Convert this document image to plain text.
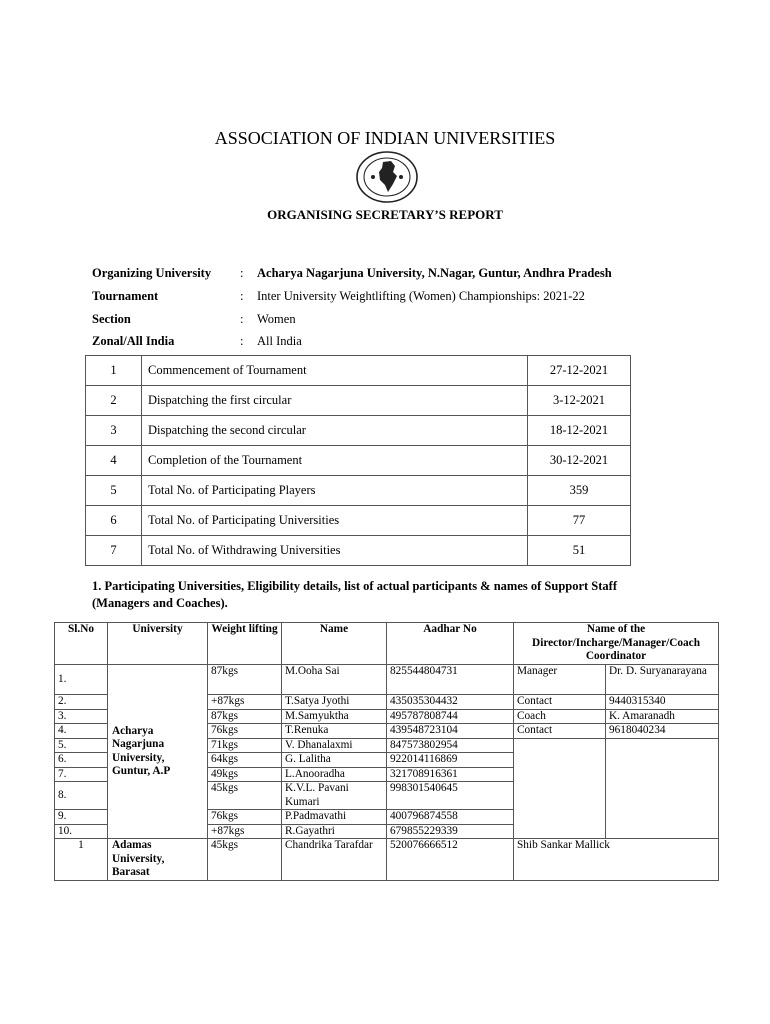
ASSOCIATION OF INDIAN UNIVERSITIES
ORGANISING SECRETARY’S REPORT
Organizing University	: Acharya Nagarjuna University, N.Nagar, Guntur, Andhra Pradesh
Tournament	: Inter University Weightlifting (Women) Championships: 2021-22
Section	: Women
Zonal/All India	: All India
1	Commencement of Tournament	27-12-2021
2	Dispatching the first circular	3-12-2021
3	Dispatching the second circular	18-12-2021
4	Completion of the Tournament	30-12-2021
5	Total No. of Participating Players	359
6	Total No. of Participating Universities	77
7	Total No. of Withdrawing Universities	51
1. Participating Universities, Eligibility details, list of actual participants & names of Support Staff (Managers and Coaches).
Sl.No	University	Weight lifting	Name	Aadhar No	Name of the Director/Incharge/Manager/Coach Coordinator	
1.	Acharya Nagarjuna University, Guntur, A.P	87kgs	M.Ooha Sai	825544804731	Manager	Dr. D. Suryanarayana
2.		+87kgs	T.Satya Jyothi	435035304432	Contact	9440315340
3.		87kgs	M.Samyuktha	495787808744	Coach	K. Amaranadh
4.		76kgs	T.Renuka	439548723104	Contact	9618040234
5.		71kgs	V. Dhanalaxmi	847573802954		
6.		64kgs	G. Lalitha	922014116869		
7.		49kgs	L.Anooradha	321708916361		
8.		45kgs	K.V.L. Pavani Kumari	998301540645		
9.		76kgs	P.Padmavathi	400796874558		
10.		+87kgs	R.Gayathri	679855229339		
1	Adamas University, Barasat	45kgs	Chandrika Tarafdar	520076666512	Shib Sankar Mallick	
